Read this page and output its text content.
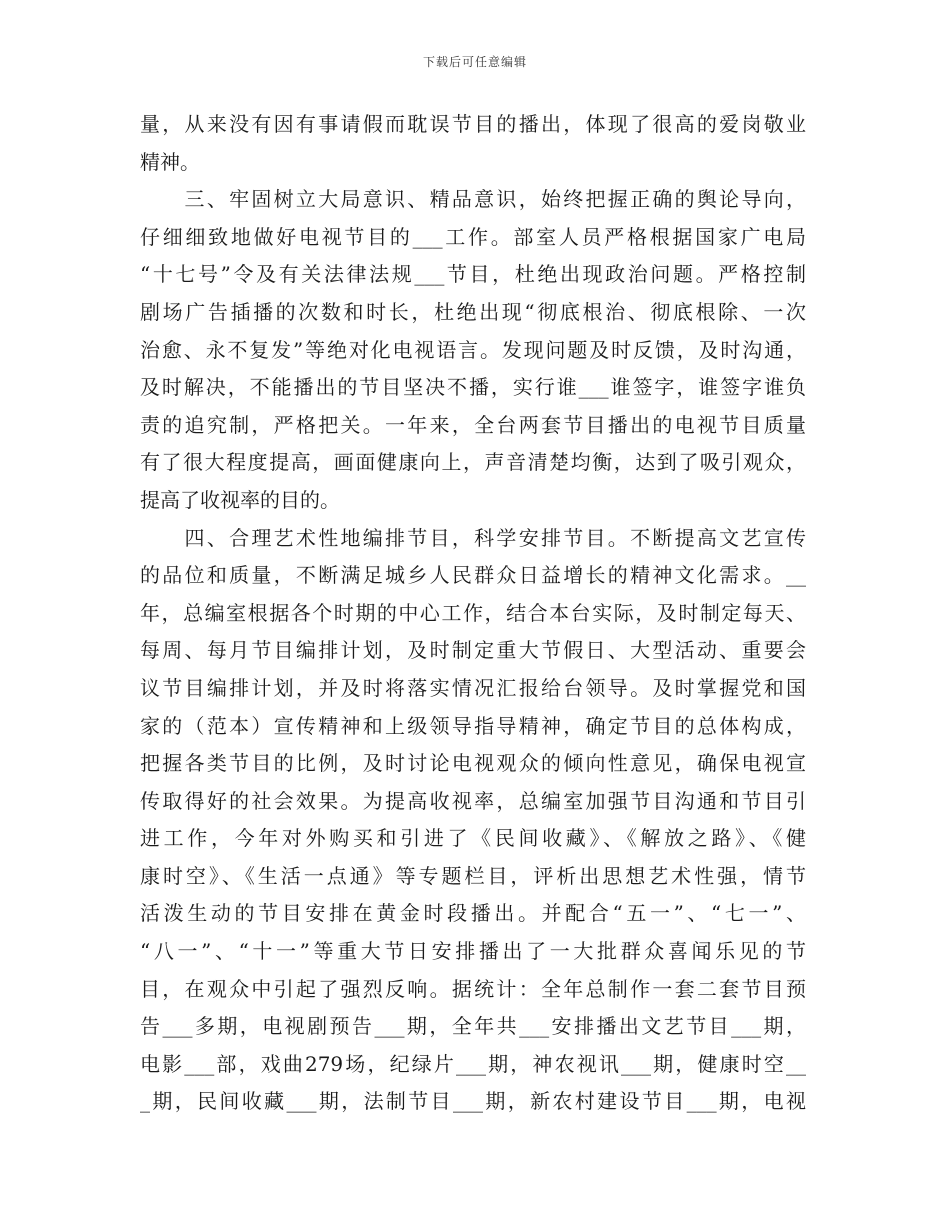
下载后可任意编辑
量，从来没有因有事请假而耽误节目的播出，体现了很高的爱岗敬业
精神。
　　三、牢固树立大局意识、精品意识，始终把握正确的舆论导向，
仔细细致地做好电视节目的___工作。部室人员严格根据国家广电局
“十七号”令及有关法律法规___节目，杜绝出现政治问题。严格控制
剧场广告插播的次数和时长，杜绝出现“彻底根治、彻底根除、一次
治愈、永不复发”等绝对化电视语言。发现问题及时反馈，及时沟通，
及时解决，不能播出的节目坚决不播，实行谁___谁签字，谁签字谁负
责的追究制，严格把关。一年来，全台两套节目播出的电视节目质量
有了很大程度提高，画面健康向上，声音清楚均衡，达到了吸引观众，
提高了收视率的目的。
　　四、合理艺术性地编排节目，科学安排节目。不断提高文艺宣传
的品位和质量，不断满足城乡人民群众日益增长的精神文化需求。__
年，总编室根据各个时期的中心工作，结合本台实际，及时制定每天、
每周、每月节目编排计划，及时制定重大节假日、大型活动、重要会
议节目编排计划，并及时将落实情况汇报给台领导。及时掌握党和国
家的（范本）宣传精神和上级领导指导精神，确定节目的总体构成，
把握各类节目的比例，及时讨论电视观众的倾向性意见，确保电视宣
传取得好的社会效果。为提高收视率，总编室加强节目沟通和节目引
进工作，今年对外购买和引进了《民间收藏》、《解放之路》、《健
康时空》、《生活一点通》等专题栏目，评析出思想艺术性强，情节
活泼生动的节目安排在黄金时段播出。并配合“五一”、“七一”、
“八一”、“十一”等重大节日安排播出了一大批群众喜闻乐见的节
目，在观众中引起了强烈反响。据统计：全年总制作一套二套节目预
告___多期，电视剧预告___期，全年共___安排播出文艺节目___期，
电影___部，戏曲279场，纪绿片___期，神农视讯___期，健康时空__
_期，民间收藏___期，法制节目___期，新农村建设节目___期，电视
